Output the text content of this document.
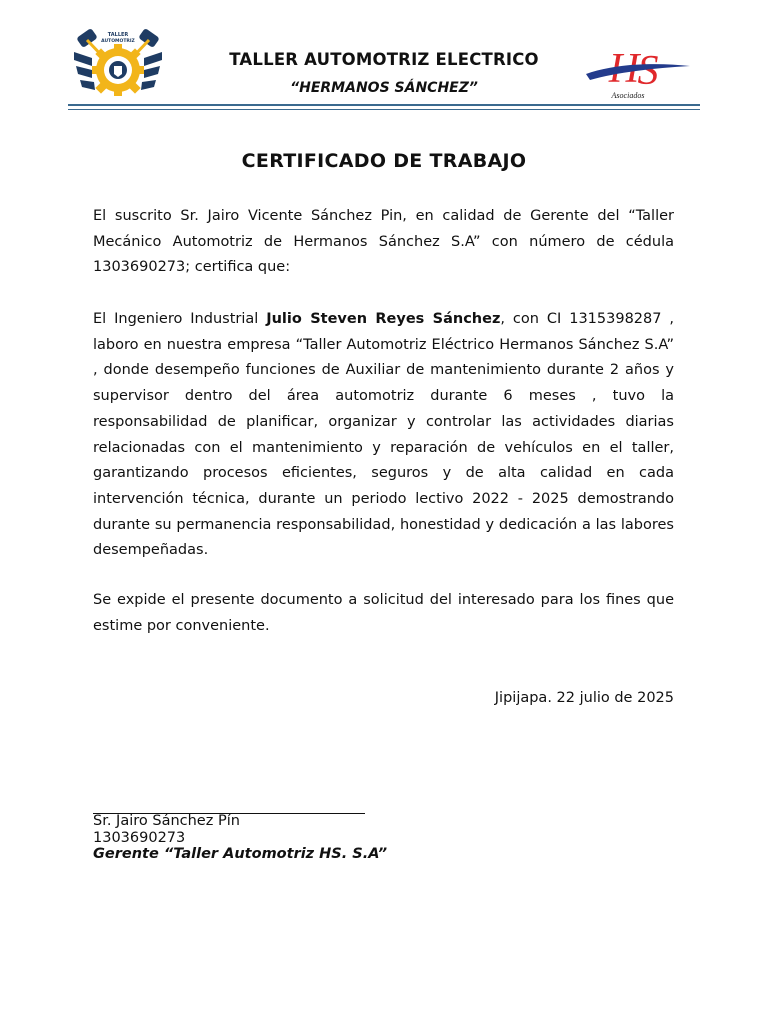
TALLER
AUTOMOTRIZ
TALLER AUTOMOTRIZ ELECTRICO
“HERMANOS SÁNCHEZ”	S
Asociados
CERTIFICADO DE TRABAJO

El suscrito Sr. Jairo Vicente Sánchez Pin, en calidad de Gerente del “Taller Mecánico Automotriz de Hermanos Sánchez S.A” con número de cédula 1303690273; certifica que:

El Ingeniero Industrial Julio Steven Reyes Sánchez, con CI 1315398287 , laboro en nuestra empresa “Taller Automotriz Eléctrico Hermanos Sánchez S.A” , donde desempeño funciones de Auxiliar de mantenimiento durante 2 años y supervisor dentro del área automotriz durante 6 meses , tuvo la responsabilidad de planificar, organizar y controlar las actividades diarias relacionadas con el mantenimiento y reparación de vehículos en el taller, garantizando procesos eficientes, seguros y de alta calidad en cada intervención técnica, durante un periodo lectivo 2022 - 2025 demostrando durante su permanencia responsabilidad, honestidad y dedicación a las labores desempeñadas.

Se expide el presente documento a solicitud del interesado para los fines que estime por conveniente.

Jipijapa. 22 julio de 2025
Sr. Jairo Sánchez Pín
1303690273
Gerente “Taller Automotriz HS. S.A”
